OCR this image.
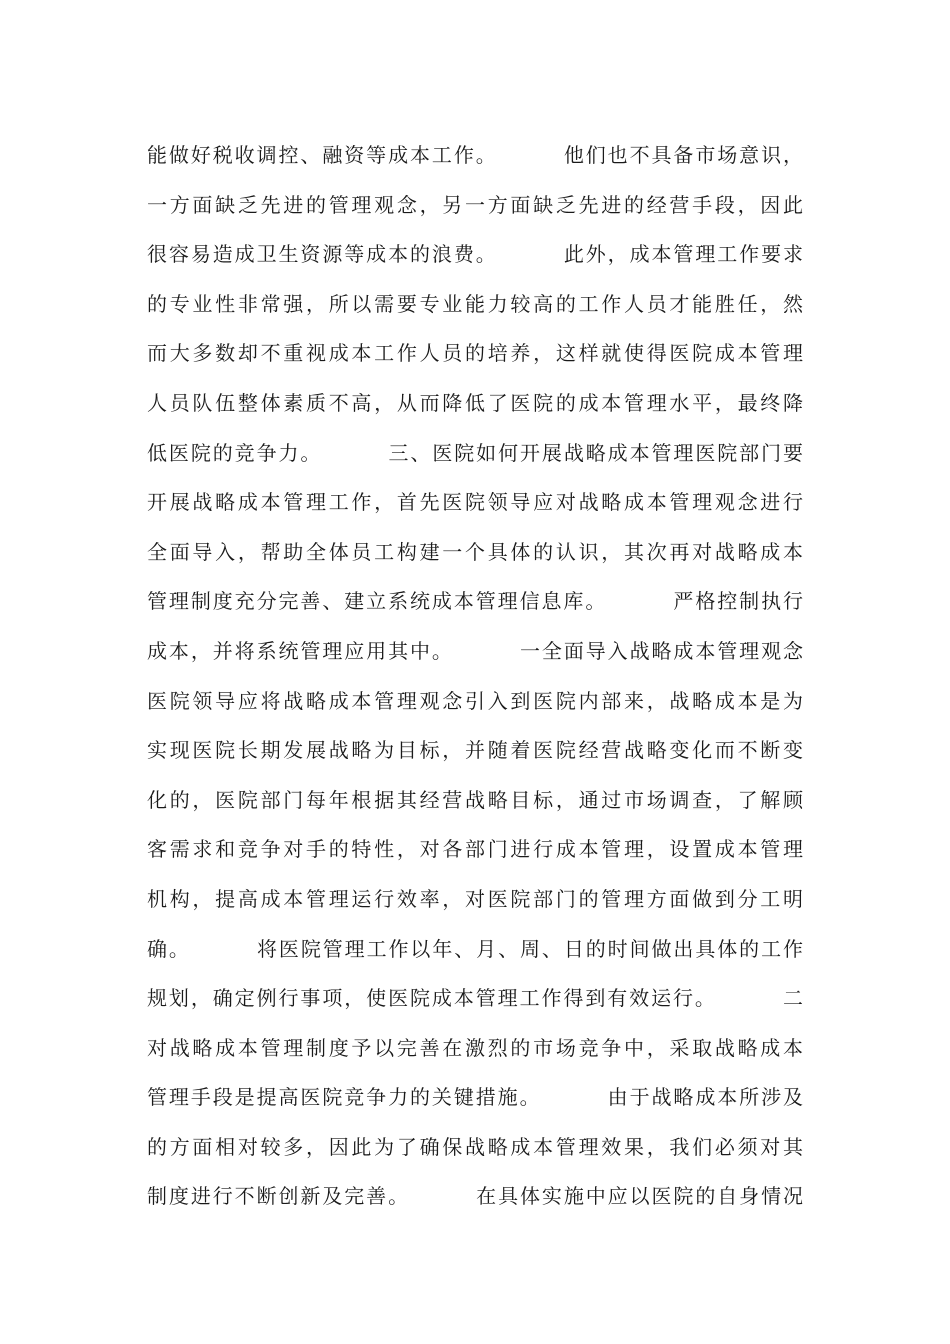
能做好税收调控、融资等成本工作。        他们也不具备市场意识，
一方面缺乏先进的管理观念，另一方面缺乏先进的经营手段，因此
很容易造成卫生资源等成本的浪费。        此外，成本管理工作要求
的专业性非常强，所以需要专业能力较高的工作人员才能胜任，然
而大多数却不重视成本工作人员的培养，这样就使得医院成本管理
人员队伍整体素质不高，从而降低了医院的成本管理水平，最终降
低医院的竞争力。        三、医院如何开展战略成本管理医院部门要
开展战略成本管理工作，首先医院领导应对战略成本管理观念进行
全面导入，帮助全体员工构建一个具体的认识，其次再对战略成本
管理制度充分完善、建立系统成本管理信息库。        严格控制执行
成本，并将系统管理应用其中。        一全面导入战略成本管理观念
医院领导应将战略成本管理观念引入到医院内部来，战略成本是为
实现医院长期发展战略为目标，并随着医院经营战略变化而不断变
化的，医院部门每年根据其经营战略目标，通过市场调查，了解顾
客需求和竞争对手的特性，对各部门进行成本管理，设置成本管理
机构，提高成本管理运行效率，对医院部门的管理方面做到分工明
确。        将医院管理工作以年、月、周、日的时间做出具体的工作
规划，确定例行事项，使医院成本管理工作得到有效运行。        二
对战略成本管理制度予以完善在激烈的市场竞争中，采取战略成本
管理手段是提高医院竞争力的关键措施。        由于战略成本所涉及
的方面相对较多，因此为了确保战略成本管理效果，我们必须对其
制度进行不断创新及完善。        在具体实施中应以医院的自身情况
